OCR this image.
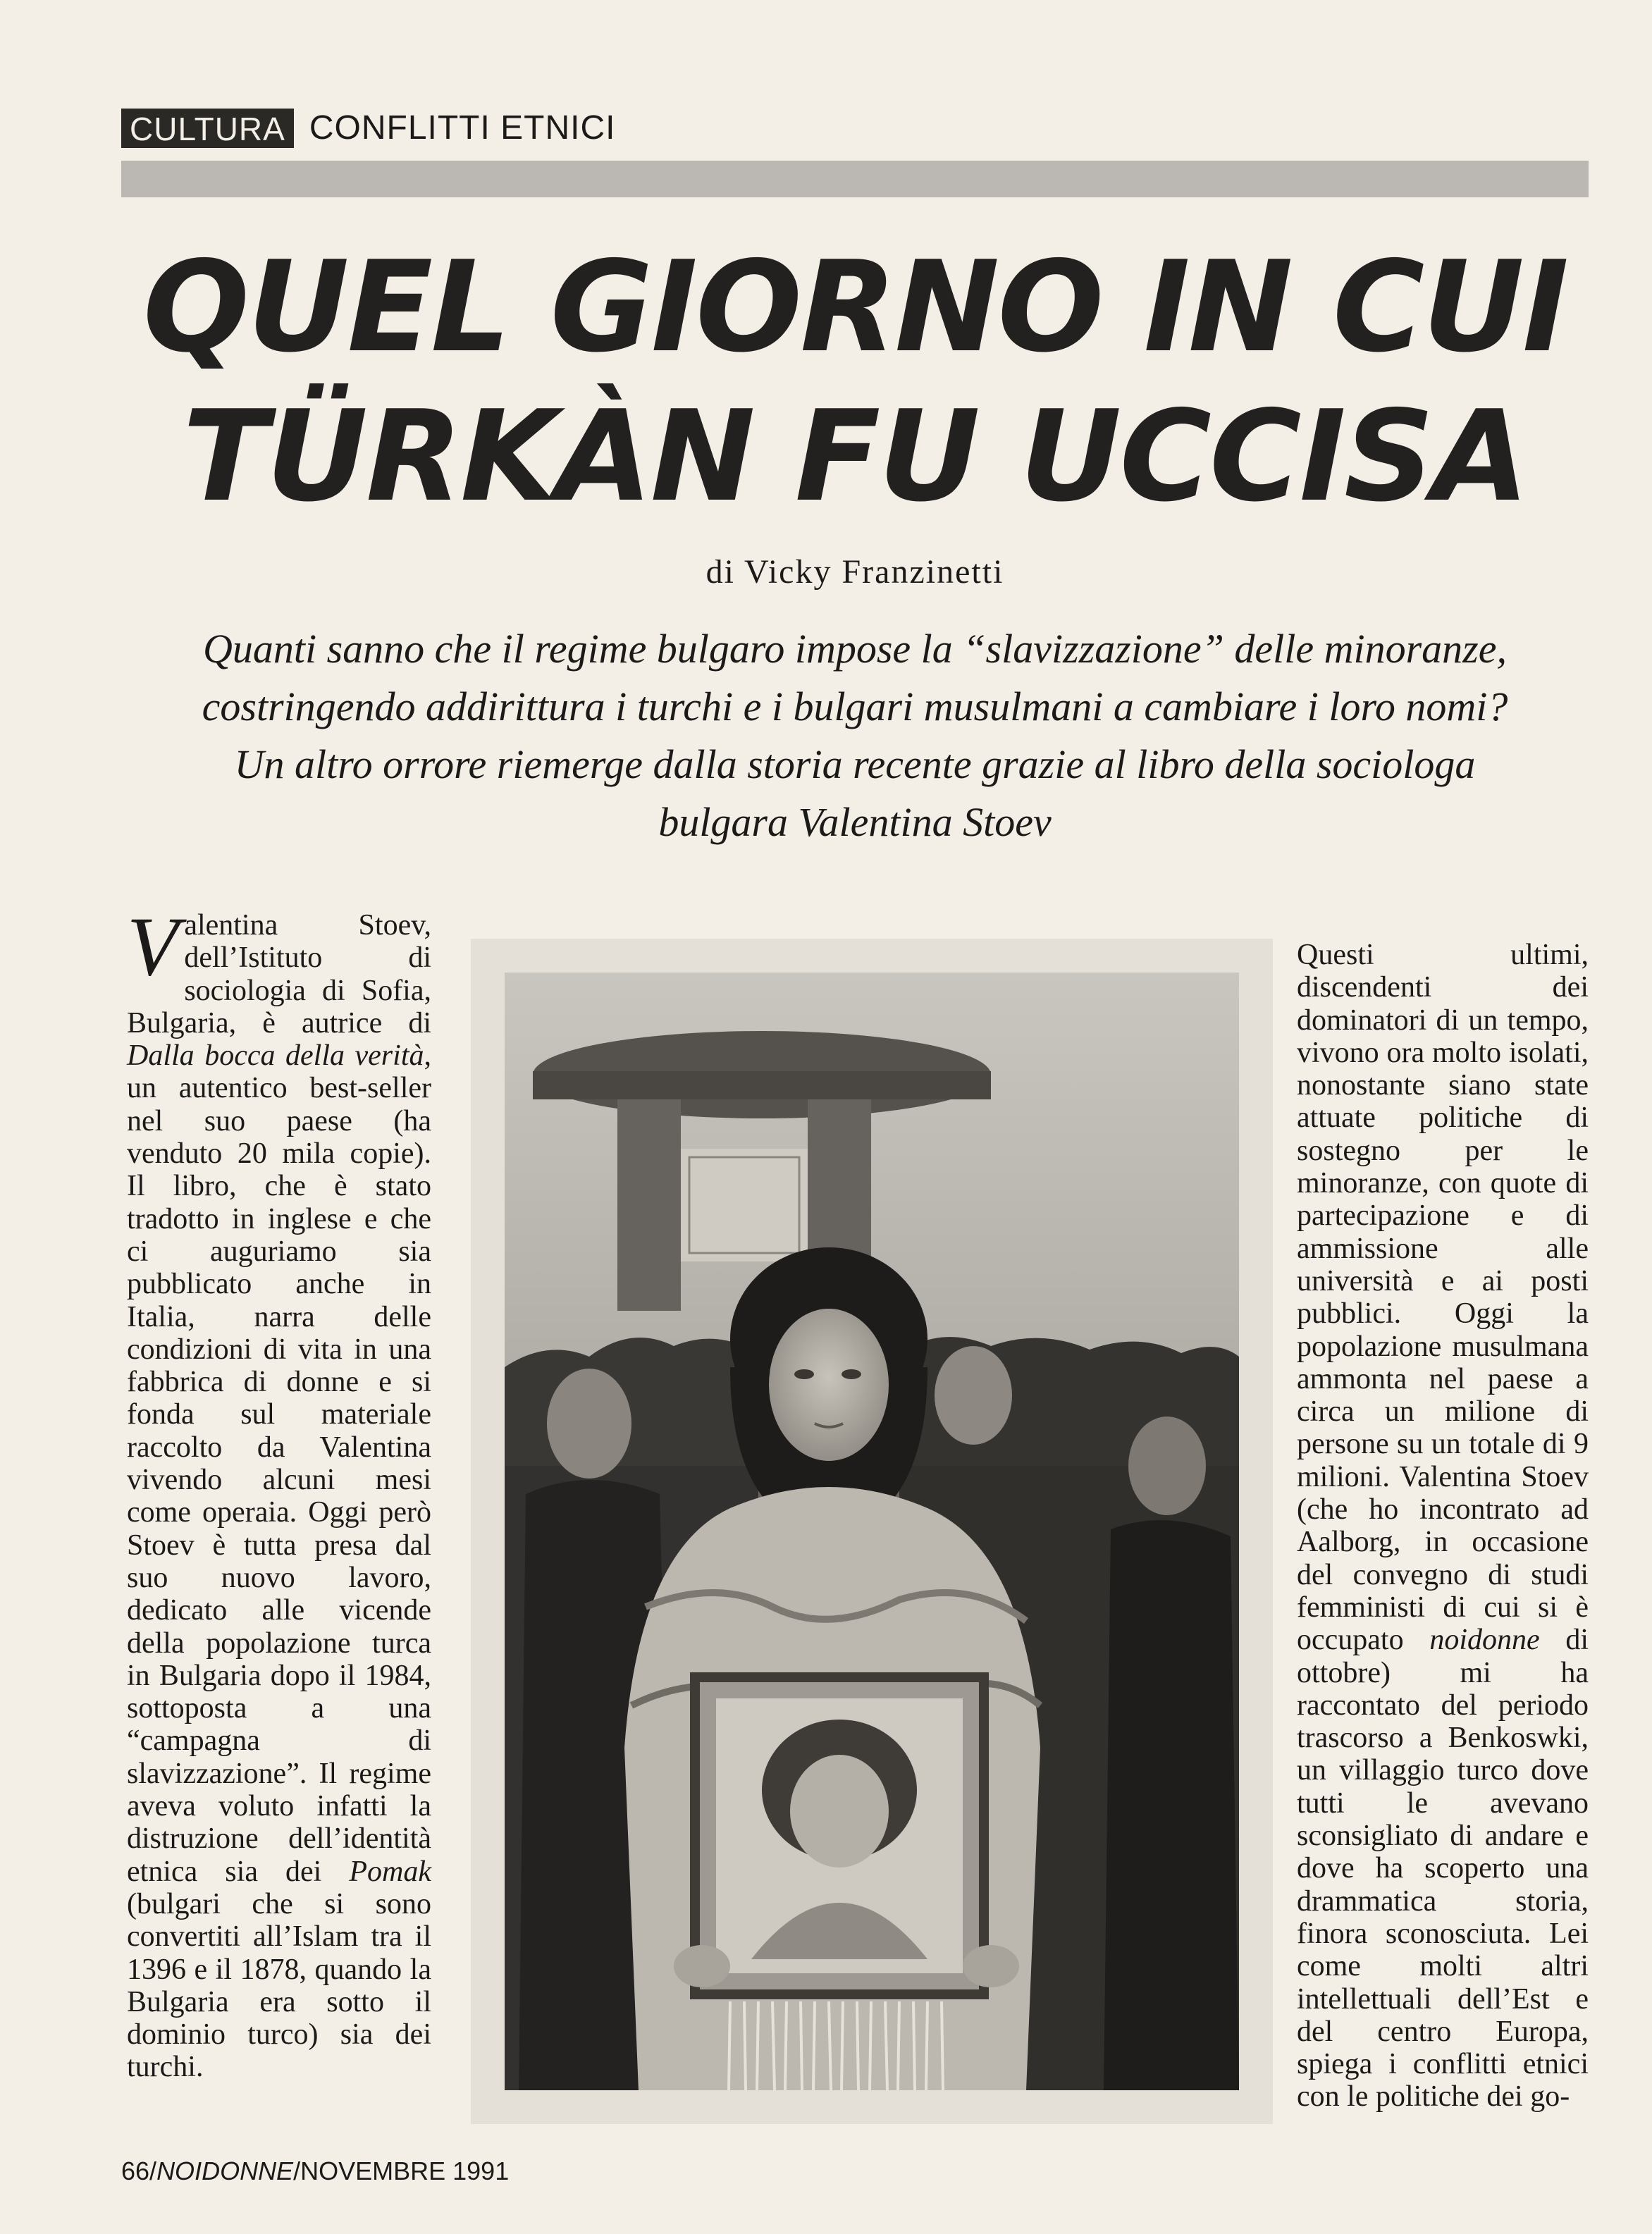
CULTURA CONFLITTI ETNICI
QUEL GIORNO IN CUI
TÜRKÀN FU UCCISA
di Vicky Franzinetti

Quanti sanno che il regime bulgaro impose la “slavizzazione” delle minoranze, costringendo addirittura i turchi e i bulgari musulmani a cambiare i loro nomi? Un altro orrore riemerge dalla storia recente grazie al libro della sociologa bulgara Valentina Stoev

Valentina Stoev, dell’Istituto di sociologia di Sofia, Bulgaria, è autrice di Dalla bocca della verità, un autentico best-seller nel suo paese (ha venduto 20 mila copie). Il libro, che è stato tradotto in inglese e che ci auguriamo sia pubblicato anche in Italia, narra delle condizioni di vita in una fabbrica di donne e si fonda sul materiale raccolto da Valentina vivendo alcuni mesi come operaia. Oggi però Stoev è tutta presa dal suo nuovo lavoro, dedicato alle vicende della popolazione turca in Bulgaria dopo il 1984, sottoposta a una “campagna di slavizzazione”. Il regime aveva voluto infatti la distruzione dell’identità etnica sia dei Pomak (bulgari che si sono convertiti all’Islam tra il 1396 e il 1878, quando la Bulgaria era sotto il dominio turco) sia dei turchi.

Questi ultimi, discendenti dei dominatori di un tempo, vivono ora molto isolati, nonostante siano state attuate politiche di sostegno per le minoranze, con quote di partecipazione e di ammissione alle università e ai posti pubblici. Oggi la popolazione musulmana ammonta nel paese a circa un milione di persone su un totale di 9 milioni. Valentina Stoev (che ho incontrato ad Aalborg, in occasione del convegno di studi femministi di cui si è occupato noidonne di ottobre) mi ha raccontato del periodo trascorso a Benkoswki, un villaggio turco dove tutti le avevano sconsigliato di andare e dove ha scoperto una drammatica storia, finora sconosciuta. Lei come molti altri intellettuali dell’Est e del centro Europa, spiega i conflitti etnici con le politiche dei go-

66/NOIDONNE/NOVEMBRE 1991
